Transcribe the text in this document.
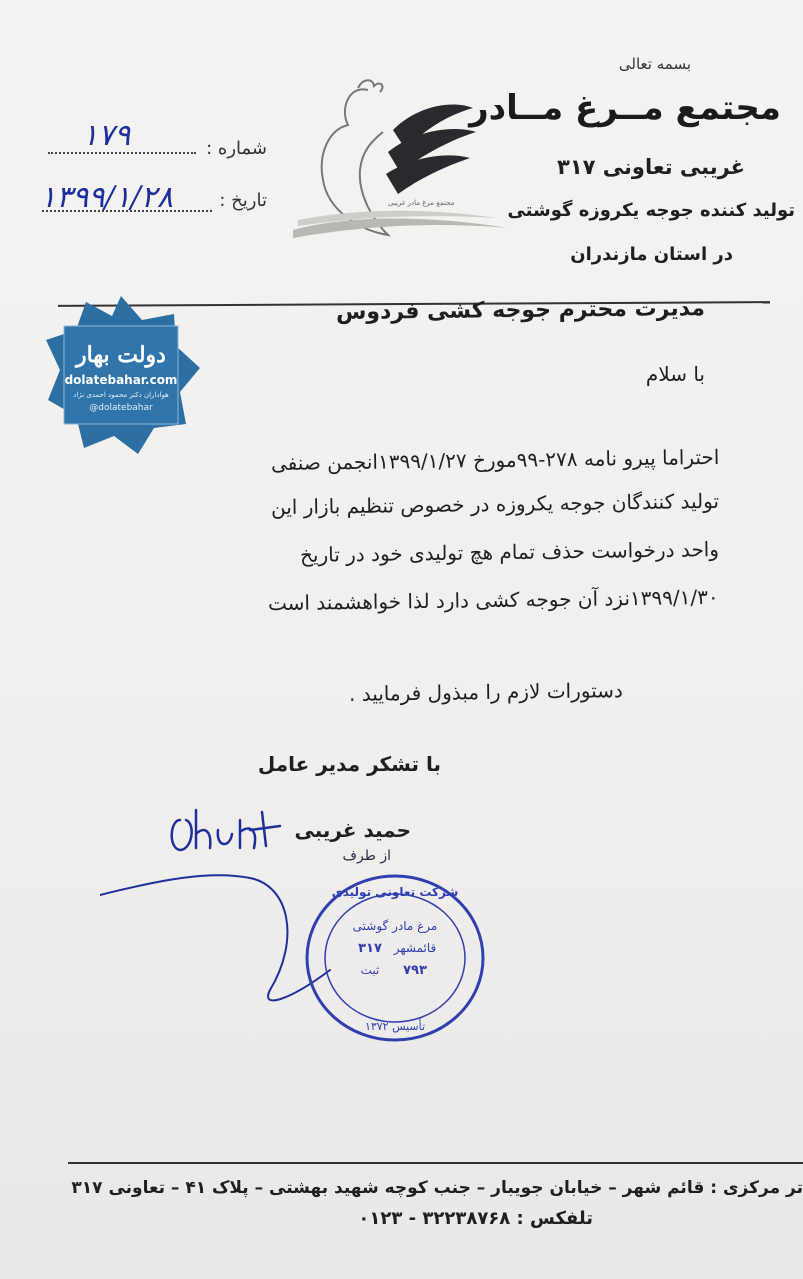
بسمه تعالی
مجتمع مــرغ مــادر
غریبی تعاونی ۳۱۷
تولید کننده جوجه یکروزه گوشتی
در استان مازندران
مجتمع مرغ مادر غریبی
شماره :
۱۷۹
تاریخ :
۱۳۹۹/۱/۲۸
مدیرت محترم جوجه کشی فردوس
با سلام
احتراما پیرو نامه ۲۷۸-۹۹مورخ ۱۳۹۹/۱/۲۷انجمن صنفی
تولید کنندگان جوجه یکروزه در خصوص تنظیم بازار این
واحد درخواست حذف تمام هچ تولیدی خود در تاریخ
۱۳۹۹/۱/۳۰نزد آن جوجه کشی دارد لذا خواهشمند است
دستورات لازم را مبذول فرمایید .
با تشکر مدیر عامل
حمید غریبی
از طرف
شرکت تعاونی تولیدی
مرغ مادر گوشتی
۳۱۷ قائمشهر
ثبت ۷۹۳
تأسیس ۱۳۷۲
تر مرکزی : قائم شهر – خیابان جویبار – جنب کوچه شهید بهشتی – پلاک ۴۱ – تعاونی ۳۱۷
تلفکس : ۳۲۲۳۸۷۶۸ - ۰۱۲۳
دولت بهار
dolatebahar.com
هواداران دکتر محمود احمدی نژاد
@dolatebahar
